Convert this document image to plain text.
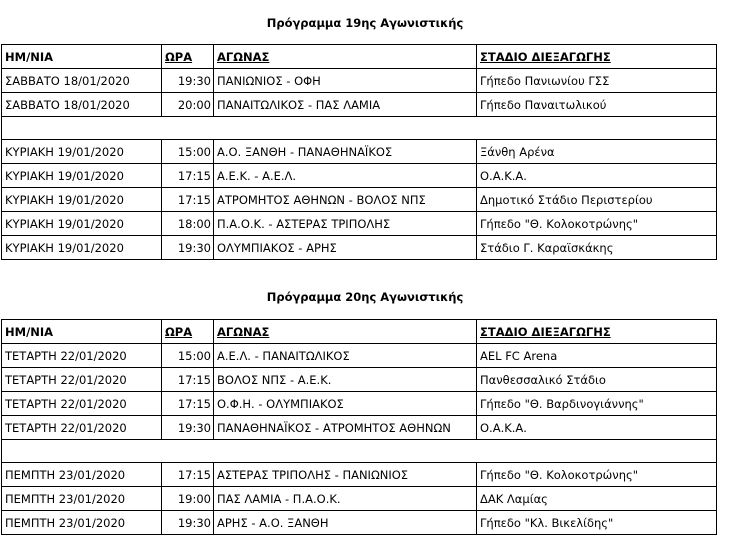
Πρόγραμμα 19ης Αγωνιστικής
ΗΜ/ΝΙΑ	ΩΡΑ	ΑΓΩΝΑΣ	ΣΤΑΔΙΟ ΔΙΕΞΑΓΩΓΗΣ
ΣΑΒΒΑΤΟ 18/01/2020	19:30	ΠΑΝΙΩΝΙΟΣ - ΟΦΗ	Γήπεδο Πανιωνίου ΓΣΣ
ΣΑΒΒΑΤΟ 18/01/2020	20:00	ΠΑΝΑΙΤΩΛΙΚΟΣ - ΠΑΣ ΛΑΜΙΑ	Γήπεδο Παναιτωλικού

ΚΥΡΙΑΚΗ 19/01/2020	15:00	Α.Ο. ΞΑΝΘΗ - ΠΑΝΑΘΗΝΑΪΚΟΣ	Ξάνθη Αρένα
ΚΥΡΙΑΚΗ 19/01/2020	17:15	Α.Ε.Κ. - Α.Ε.Λ.	Ο.Α.Κ.Α.
ΚΥΡΙΑΚΗ 19/01/2020	17:15	ΑΤΡΟΜΗΤΟΣ ΑΘΗΝΩΝ - ΒΟΛΟΣ ΝΠΣ	Δημοτικό Στάδιο Περιστερίου
ΚΥΡΙΑΚΗ 19/01/2020	18:00	Π.Α.Ο.Κ. - ΑΣΤΕΡΑΣ ΤΡΙΠΟΛΗΣ	Γήπεδο "Θ. Κολοκοτρώνης"
ΚΥΡΙΑΚΗ 19/01/2020	19:30	ΟΛΥΜΠΙΑΚΟΣ - ΑΡΗΣ	Στάδιο Γ. Καραϊσκάκης
Πρόγραμμα 20ης Αγωνιστικής
ΗΜ/ΝΙΑ	ΩΡΑ	ΑΓΩΝΑΣ	ΣΤΑΔΙΟ ΔΙΕΞΑΓΩΓΗΣ
ΤΕΤΑΡΤΗ 22/01/2020	15:00	Α.Ε.Λ. - ΠΑΝΑΙΤΩΛΙΚΟΣ	AEL FC Arena
ΤΕΤΑΡΤΗ 22/01/2020	17:15	ΒΟΛΟΣ ΝΠΣ - Α.Ε.Κ.	Πανθεσσαλικό Στάδιο
ΤΕΤΑΡΤΗ 22/01/2020	17:15	Ο.Φ.Η. - ΟΛΥΜΠΙΑΚΟΣ	Γήπεδο "Θ. Βαρδινογιάννης"
ΤΕΤΑΡΤΗ 22/01/2020	19:30	ΠΑΝΑΘΗΝΑΪΚΟΣ - ΑΤΡΟΜΗΤΟΣ ΑΘΗΝΩΝ	Ο.Α.Κ.Α.

ΠΕΜΠΤΗ 23/01/2020	17:15	ΑΣΤΕΡΑΣ ΤΡΙΠΟΛΗΣ - ΠΑΝΙΩΝΙΟΣ	Γήπεδο "Θ. Κολοκοτρώνης"
ΠΕΜΠΤΗ 23/01/2020	19:00	ΠΑΣ ΛΑΜΙΑ - Π.Α.Ο.Κ.	ΔΑΚ Λαμίας
ΠΕΜΠΤΗ 23/01/2020	19:30	ΑΡΗΣ - Α.Ο. ΞΑΝΘΗ	Γήπεδο "Κλ. Βικελίδης"
